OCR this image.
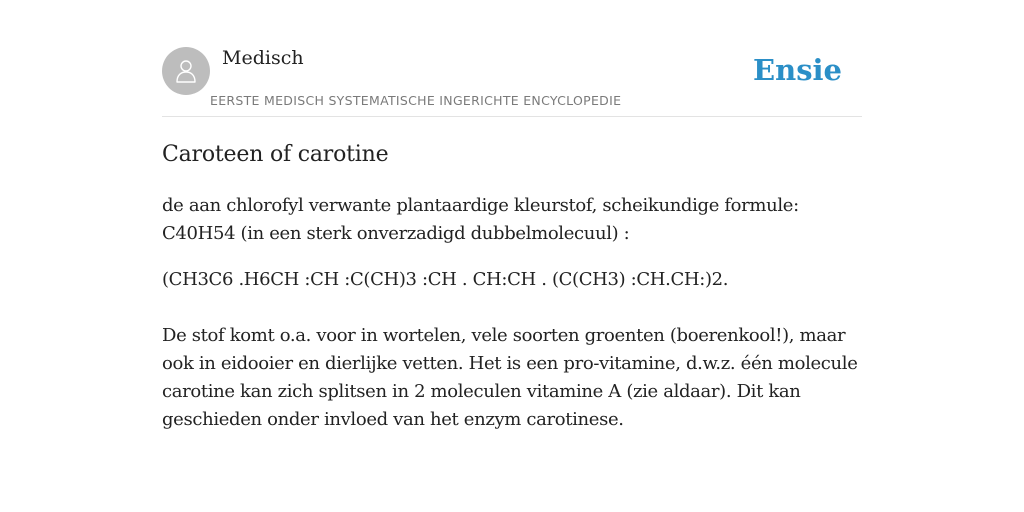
Medisch
EERSTE MEDISCH SYSTEMATISCHE INGERICHTE ENCYCLOPEDIE
Ensie
Caroteen of carotine

de aan chlorofyl verwante plantaardige kleurstof, scheikundige formule: C40H54 (in een sterk onverzadigd dubbelmolecuul) :

(CH3C6 .H6CH :CH :C(CH)3 :CH . CH:CH . (C(CH3) :CH.CH:)2.

De stof komt o.a. voor in wortelen, vele soorten groenten (boerenkool!), maar ook in eidooier en dierlijke vetten. Het is een pro-vitamine, d.w.z. één molecule carotine kan zich splitsen in 2 moleculen vitamine A (zie aldaar). Dit kan geschieden onder invloed van het enzym carotinese.
